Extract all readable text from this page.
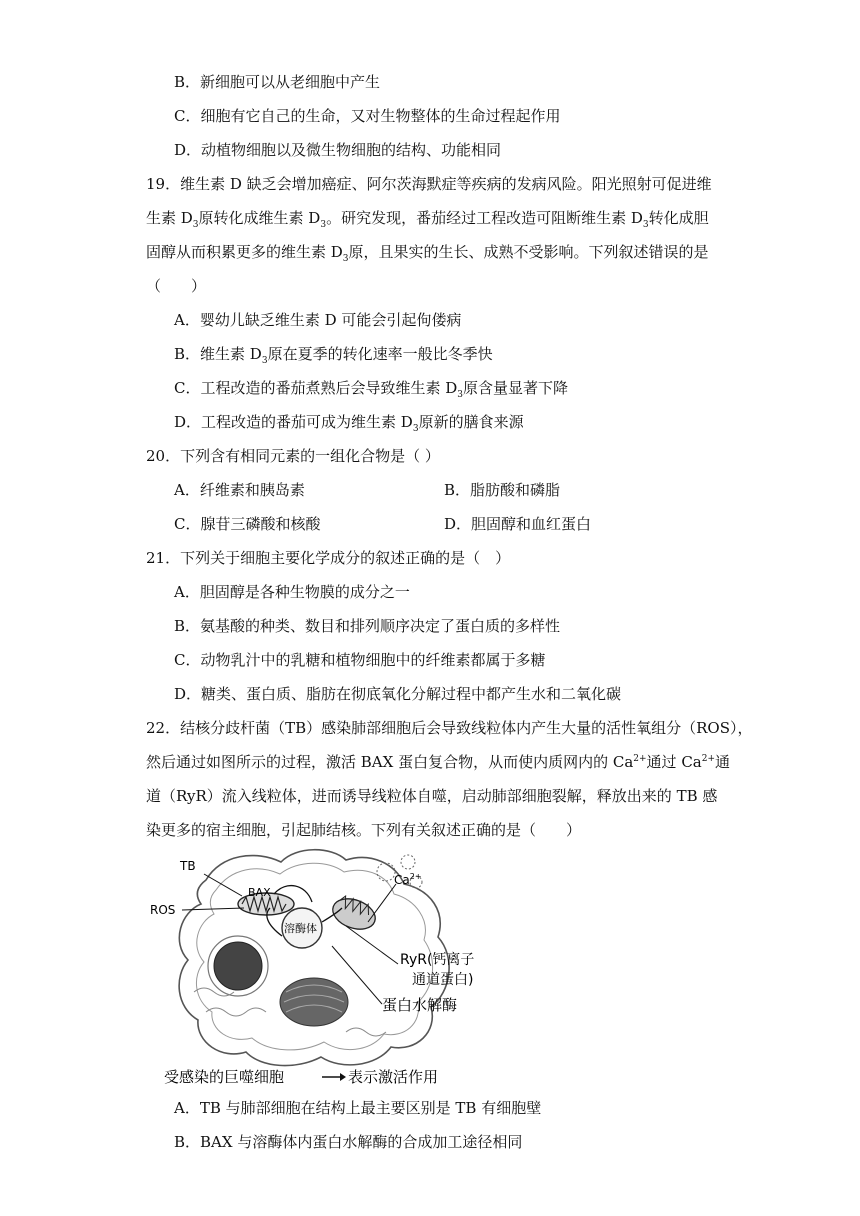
B．新细胞可以从老细胞中产生
C．细胞有它自己的生命，又对生物整体的生命过程起作用
D．动植物细胞以及微生物细胞的结构、功能相同
19．维生素 D 缺乏会增加癌症、阿尔茨海默症等疾病的发病风险。阳光照射可促进维
生素 $D_3$原转化成维生素 $D_3$。研究发现，番茄经过工程改造可阻断维生素 $D_3$转化成胆
固醇从而积累更多的维生素 $D_3$原，且果实的生长、成熟不受影响。下列叙述错误的是
（　　）
A．婴幼儿缺乏维生素 D 可能会引起佝偻病
B．维生素 $D_3$原在夏季的转化速率一般比冬季快
C．工程改造的番茄煮熟后会导致维生素 $D_3$原含量显著下降
D．工程改造的番茄可成为维生素 $D_3$原新的膳食来源
20．下列含有相同元素的一组化合物是（ ）
A．纤维素和胰岛素	B．脂肪酸和磷脂
C．腺苷三磷酸和核酸	D．胆固醇和血红蛋白
21．下列关于细胞主要化学成分的叙述正确的是（　）
A．胆固醇是各种生物膜的成分之一
B．氨基酸的种类、数目和排列顺序决定了蛋白质的多样性
C．动物乳汁中的乳糖和植物细胞中的纤维素都属于多糖
D．糖类、蛋白质、脂肪在彻底氧化分解过程中都产生水和二氧化碳
22．结核分歧杆菌（TB）感染肺部细胞后会导致线粒体内产生大量的活性氧组分（ROS），
然后通过如图所示的过程，激活 BAX 蛋白复合物，从而使内质网内的 $Ca^{2+}$通过 $Ca^{2+}$通
道（RyR）流入线粒体，进而诱导线粒体自噬，启动肺部细胞裂解，释放出来的 TB 感
染更多的宿主细胞，引起肺结核。下列有关叙述正确的是（　　）
TB
ROS
BAX
溶酶体
$Ca^{2+}$
RyR(钙离子
通道蛋白)
蛋白水解酶
受感染的巨噬细胞	表示激活作用
A．TB 与肺部细胞在结构上最主要区别是 TB 有细胞壁
B．BAX 与溶酶体内蛋白水解酶的合成加工途径相同
